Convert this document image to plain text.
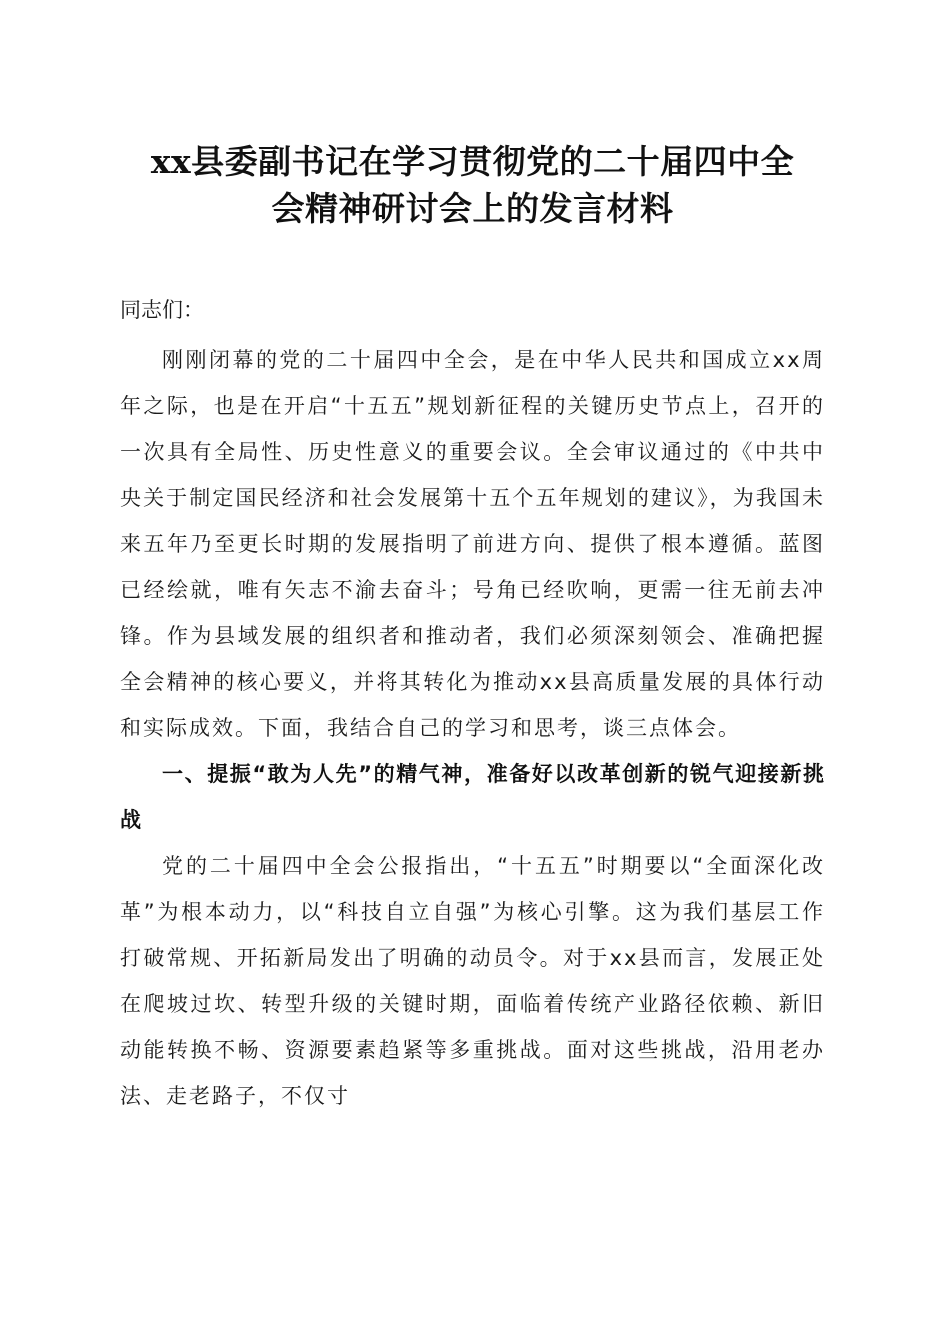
xx县委副书记在学习贯彻党的二十届四中全
会精神研讨会上的发言材料

同志们：

刚刚闭幕的党的二十届四中全会，是在中华人民共和国成立xx周年之际，也是在开启“十五五”规划新征程的关键历史节点上，召开的一次具有全局性、历史性意义的重要会议。全会审议通过的《中共中央关于制定国民经济和社会发展第十五个五年规划的建议》，为我国未来五年乃至更长时期的发展指明了前进方向、提供了根本遵循。蓝图已经绘就，唯有矢志不渝去奋斗；号角已经吹响，更需一往无前去冲锋。作为县域发展的组织者和推动者，我们必须深刻领会、准确把握全会精神的核心要义，并将其转化为推动xx县高质量发展的具体行动和实际成效。下面，我结合自己的学习和思考，谈三点体会。

一、提振“敢为人先”的精气神，准备好以改革创新的锐气迎接新挑战

党的二十届四中全会公报指出，“十五五”时期要以“全面深化改革”为根本动力，以“科技自立自强”为核心引擎。这为我们基层工作打破常规、开拓新局发出了明确的动员令。对于xx县而言，发展正处在爬坡过坎、转型升级的关键时期，面临着传统产业路径依赖、新旧动能转换不畅、资源要素趋紧等多重挑战。面对这些挑战，沿用老办法、走老路子，不仅寸
